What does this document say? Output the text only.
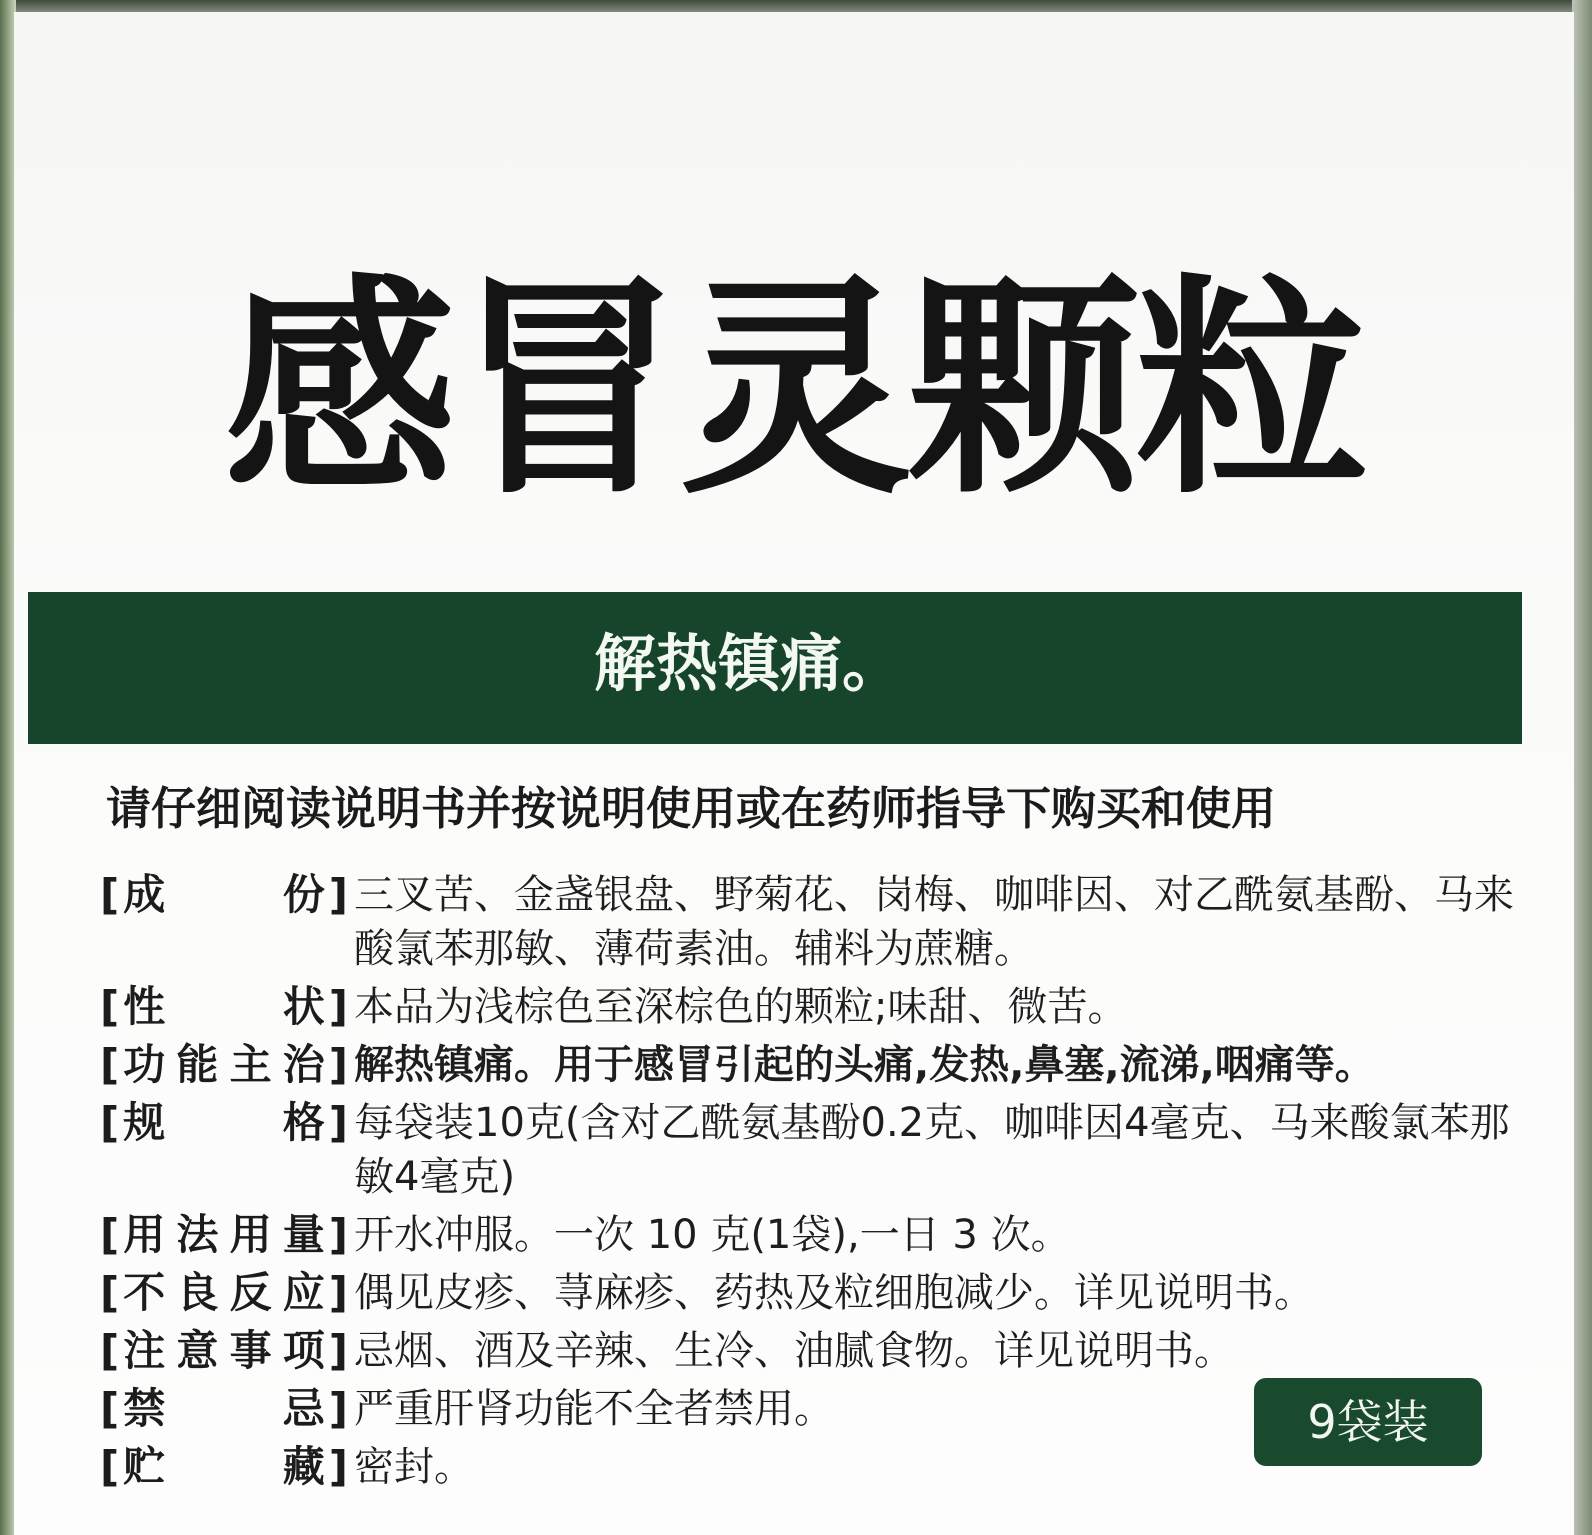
感冒灵颗粒
解热镇痛。
请仔细阅读说明书并按说明使用或在药师指导下购买和使用
[ 成份 ] 三叉苦、金盏银盘、野菊花、岗梅、咖啡因、对乙酰氨基酚、马来酸氯苯那敏、薄荷素油。辅料为蔗糖。
[ 性状 ] 本品为浅棕色至深棕色的颗粒;味甜、微苦。
[ 功能主治 ] 解热镇痛。用于感冒引起的头痛,发热,鼻塞,流涕,咽痛等。
[ 规格 ] 每袋装10克(含对乙酰氨基酚0.2克、咖啡因4毫克、马来酸氯苯那敏4毫克)
[ 用法用量 ] 开水冲服。一次 10 克(1袋),一日 3 次。
[ 不良反应 ] 偶见皮疹、荨麻疹、药热及粒细胞减少。详见说明书。
[ 注意事项 ] 忌烟、酒及辛辣、生冷、油腻食物。详见说明书。
[ 禁忌 ] 严重肝肾功能不全者禁用。
[ 贮藏 ] 密封。
9袋装
